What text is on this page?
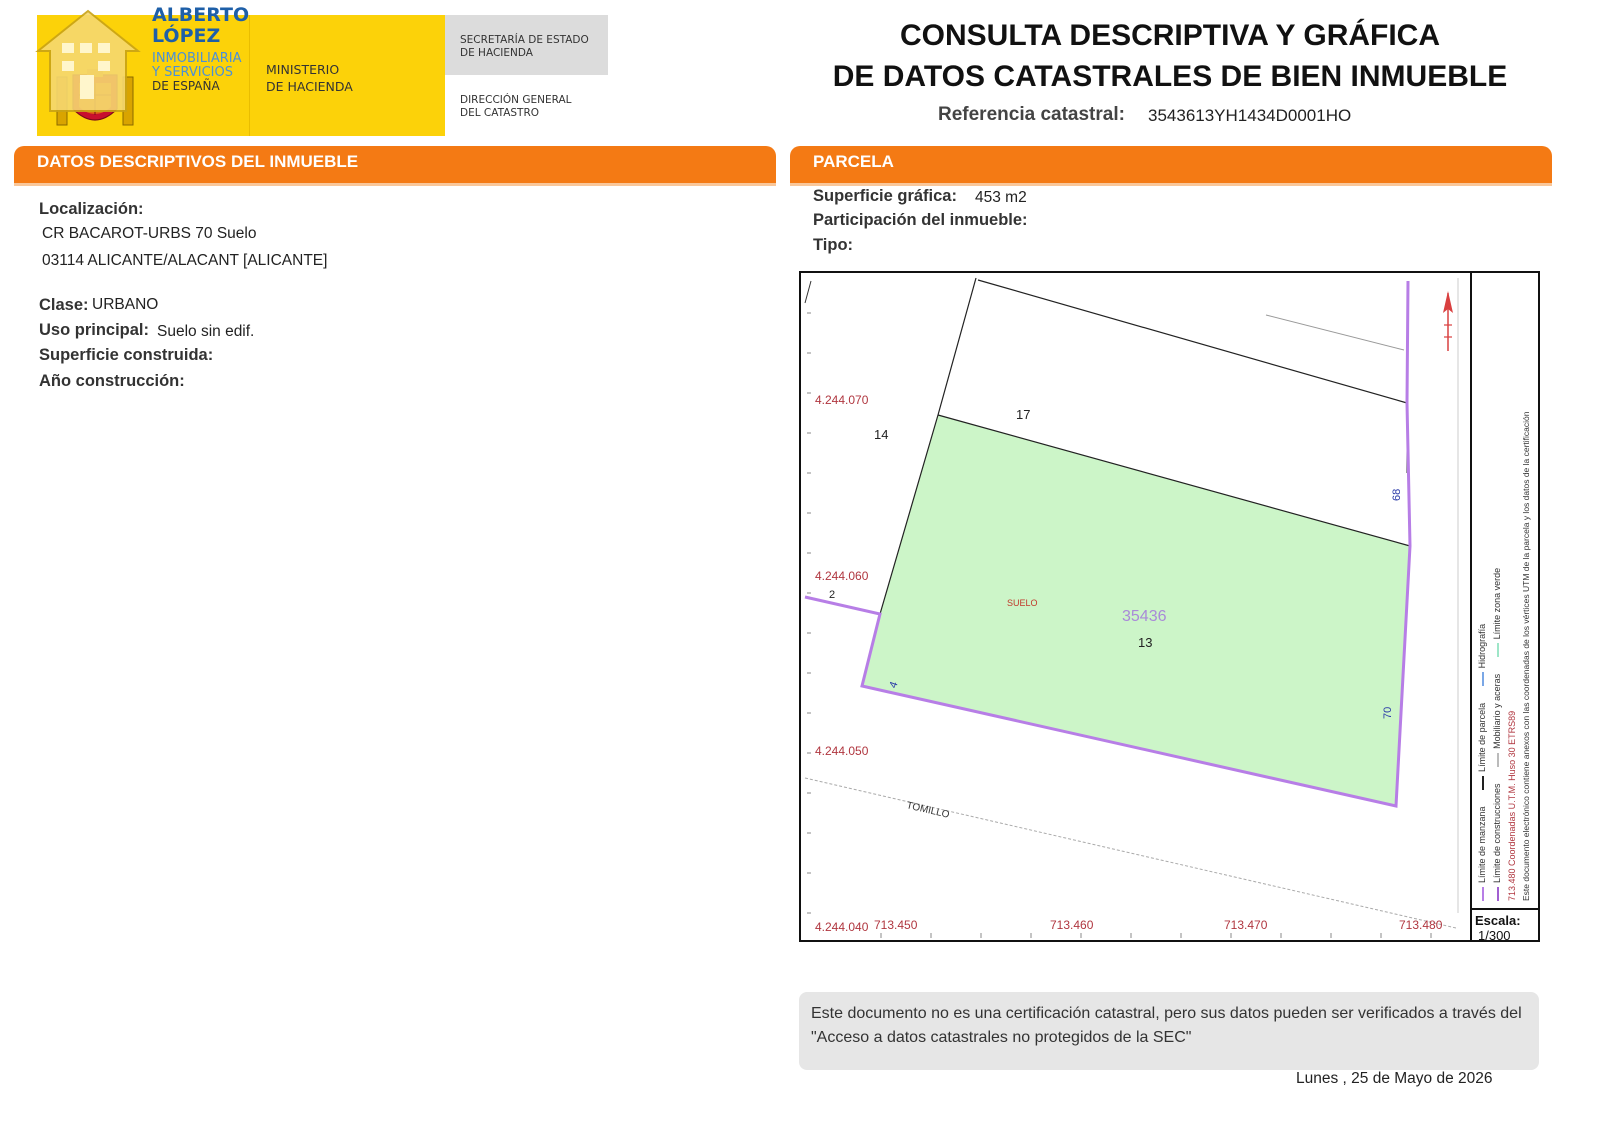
DE ESPAÑA
MINISTERIO
DE HACIENDA
ALBERTO
LÓPEZ
INMOBILIARIA
Y SERVICIOS
SECRETARÍA DE ESTADO
DE HACIENDA
DIRECCIÓN GENERAL
DEL CATASTRO
CONSULTA DESCRIPTIVA Y GRÁFICA
DE DATOS CATASTRALES DE BIEN INMUEBLE
Referencia catastral: 3543613YH1434D0001HO
DATOS DESCRIPTIVOS DEL INMUEBLE
Localización:
CR BACAROT-URBS 70 Suelo
03114 ALICANTE/ALACANT [ALICANTE]
Clase: URBANO
Uso principal: Suelo sin edif.
Superficie construida:
Año construcción:
PARCELA
Superficie gráfica: 453 m2
Participación del inmueble:
Tipo:
4.244.070
4.244.060
4.244.050
4.244.040 713.450	713.460	713.470	713.480
14
17
2
13
35436
SUELO
TOMILLO
68
70
4
Límite de manzana Límite de parcela Hidrografía
Límite de construcciones Mobiliario y aceras Límite zona verde
713.480 Coordenadas U.T.M. Huso 30 ETRS89 Este documento electrónico contiene anexos con las coordenadas de los vértices UTM de la parcela y los datos de la certificación
Escala:
1/300
Este documento no es una certificación catastral, pero sus datos pueden ser verificados a través del "Acceso a datos catastrales no protegidos de la SEC"
Lunes , 25 de Mayo de 2026
